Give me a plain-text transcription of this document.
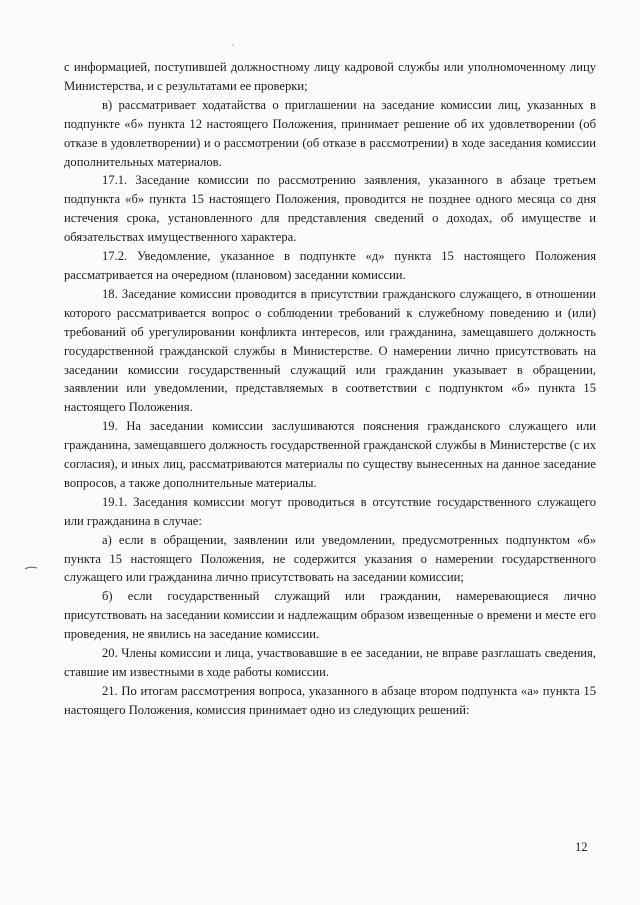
с информацией, поступившей должностному лицу кадровой службы или уполномоченному лицу Министерства, и с результатами ее проверки;

в) рассматривает ходатайства о приглашении на заседание комиссии лиц, указанных в подпункте «б» пункта 12 настоящего Положения, принимает решение об их удовлетворении (об отказе в удовлетворении) и о рассмотрении (об отказе в рассмотрении) в ходе заседания комиссии дополнительных материалов.

17.1. Заседание комиссии по рассмотрению заявления, указанного в абзаце третьем подпункта «б» пункта 15 настоящего Положения, проводится не позднее одного месяца со дня истечения срока, установленного для представления сведений о доходах, об имуществе и обязательствах имущественного характера.

17.2. Уведомление, указанное в подпункте «д» пункта 15 настоящего Положения рассматривается на очередном (плановом) заседании комиссии.

18. Заседание комиссии проводится в присутствии гражданского служащего, в отношении которого рассматривается вопрос о соблюдении требований к служебному поведению и (или) требований об урегулировании конфликта интересов, или гражданина, замещавшего должность государственной гражданской службы в Министерстве. О намерении лично присутствовать на заседании комиссии государственный служащий или гражданин указывает в обращении, заявлении или уведомлении, представляемых в соответствии с подпунктом «б» пункта 15 настоящего Положения.

19. На заседании комиссии заслушиваются пояснения гражданского служащего или гражданина, замещавшего должность государственной гражданской службы в Министерстве (с их согласия), и иных лиц, рассматриваются материалы по существу вынесенных на данное заседание вопросов, а также дополнительные материалы.

19.1. Заседания комиссии могут проводиться в отсутствие государственного служащего или гражданина в случае:

а) если в обращении, заявлении или уведомлении, предусмотренных подпунктом «б» пункта 15 настоящего Положения, не содержится указания о намерении государственного служащего или гражданина лично присутствовать на заседании комиссии;

б) если государственный служащий или гражданин, намеревающиеся лично присутствовать на заседании комиссии и надлежащим образом извещенные о времени и месте его проведения, не явились на заседание комиссии.

20. Члены комиссии и лица, участвовавшие в ее заседании, не вправе разглашать сведения, ставшие им известными в ходе работы комиссии.

21. По итогам рассмотрения вопроса, указанного в абзаце втором подпункта «а» пункта 15 настоящего Положения, комиссия принимает одно из следующих решений:

12
